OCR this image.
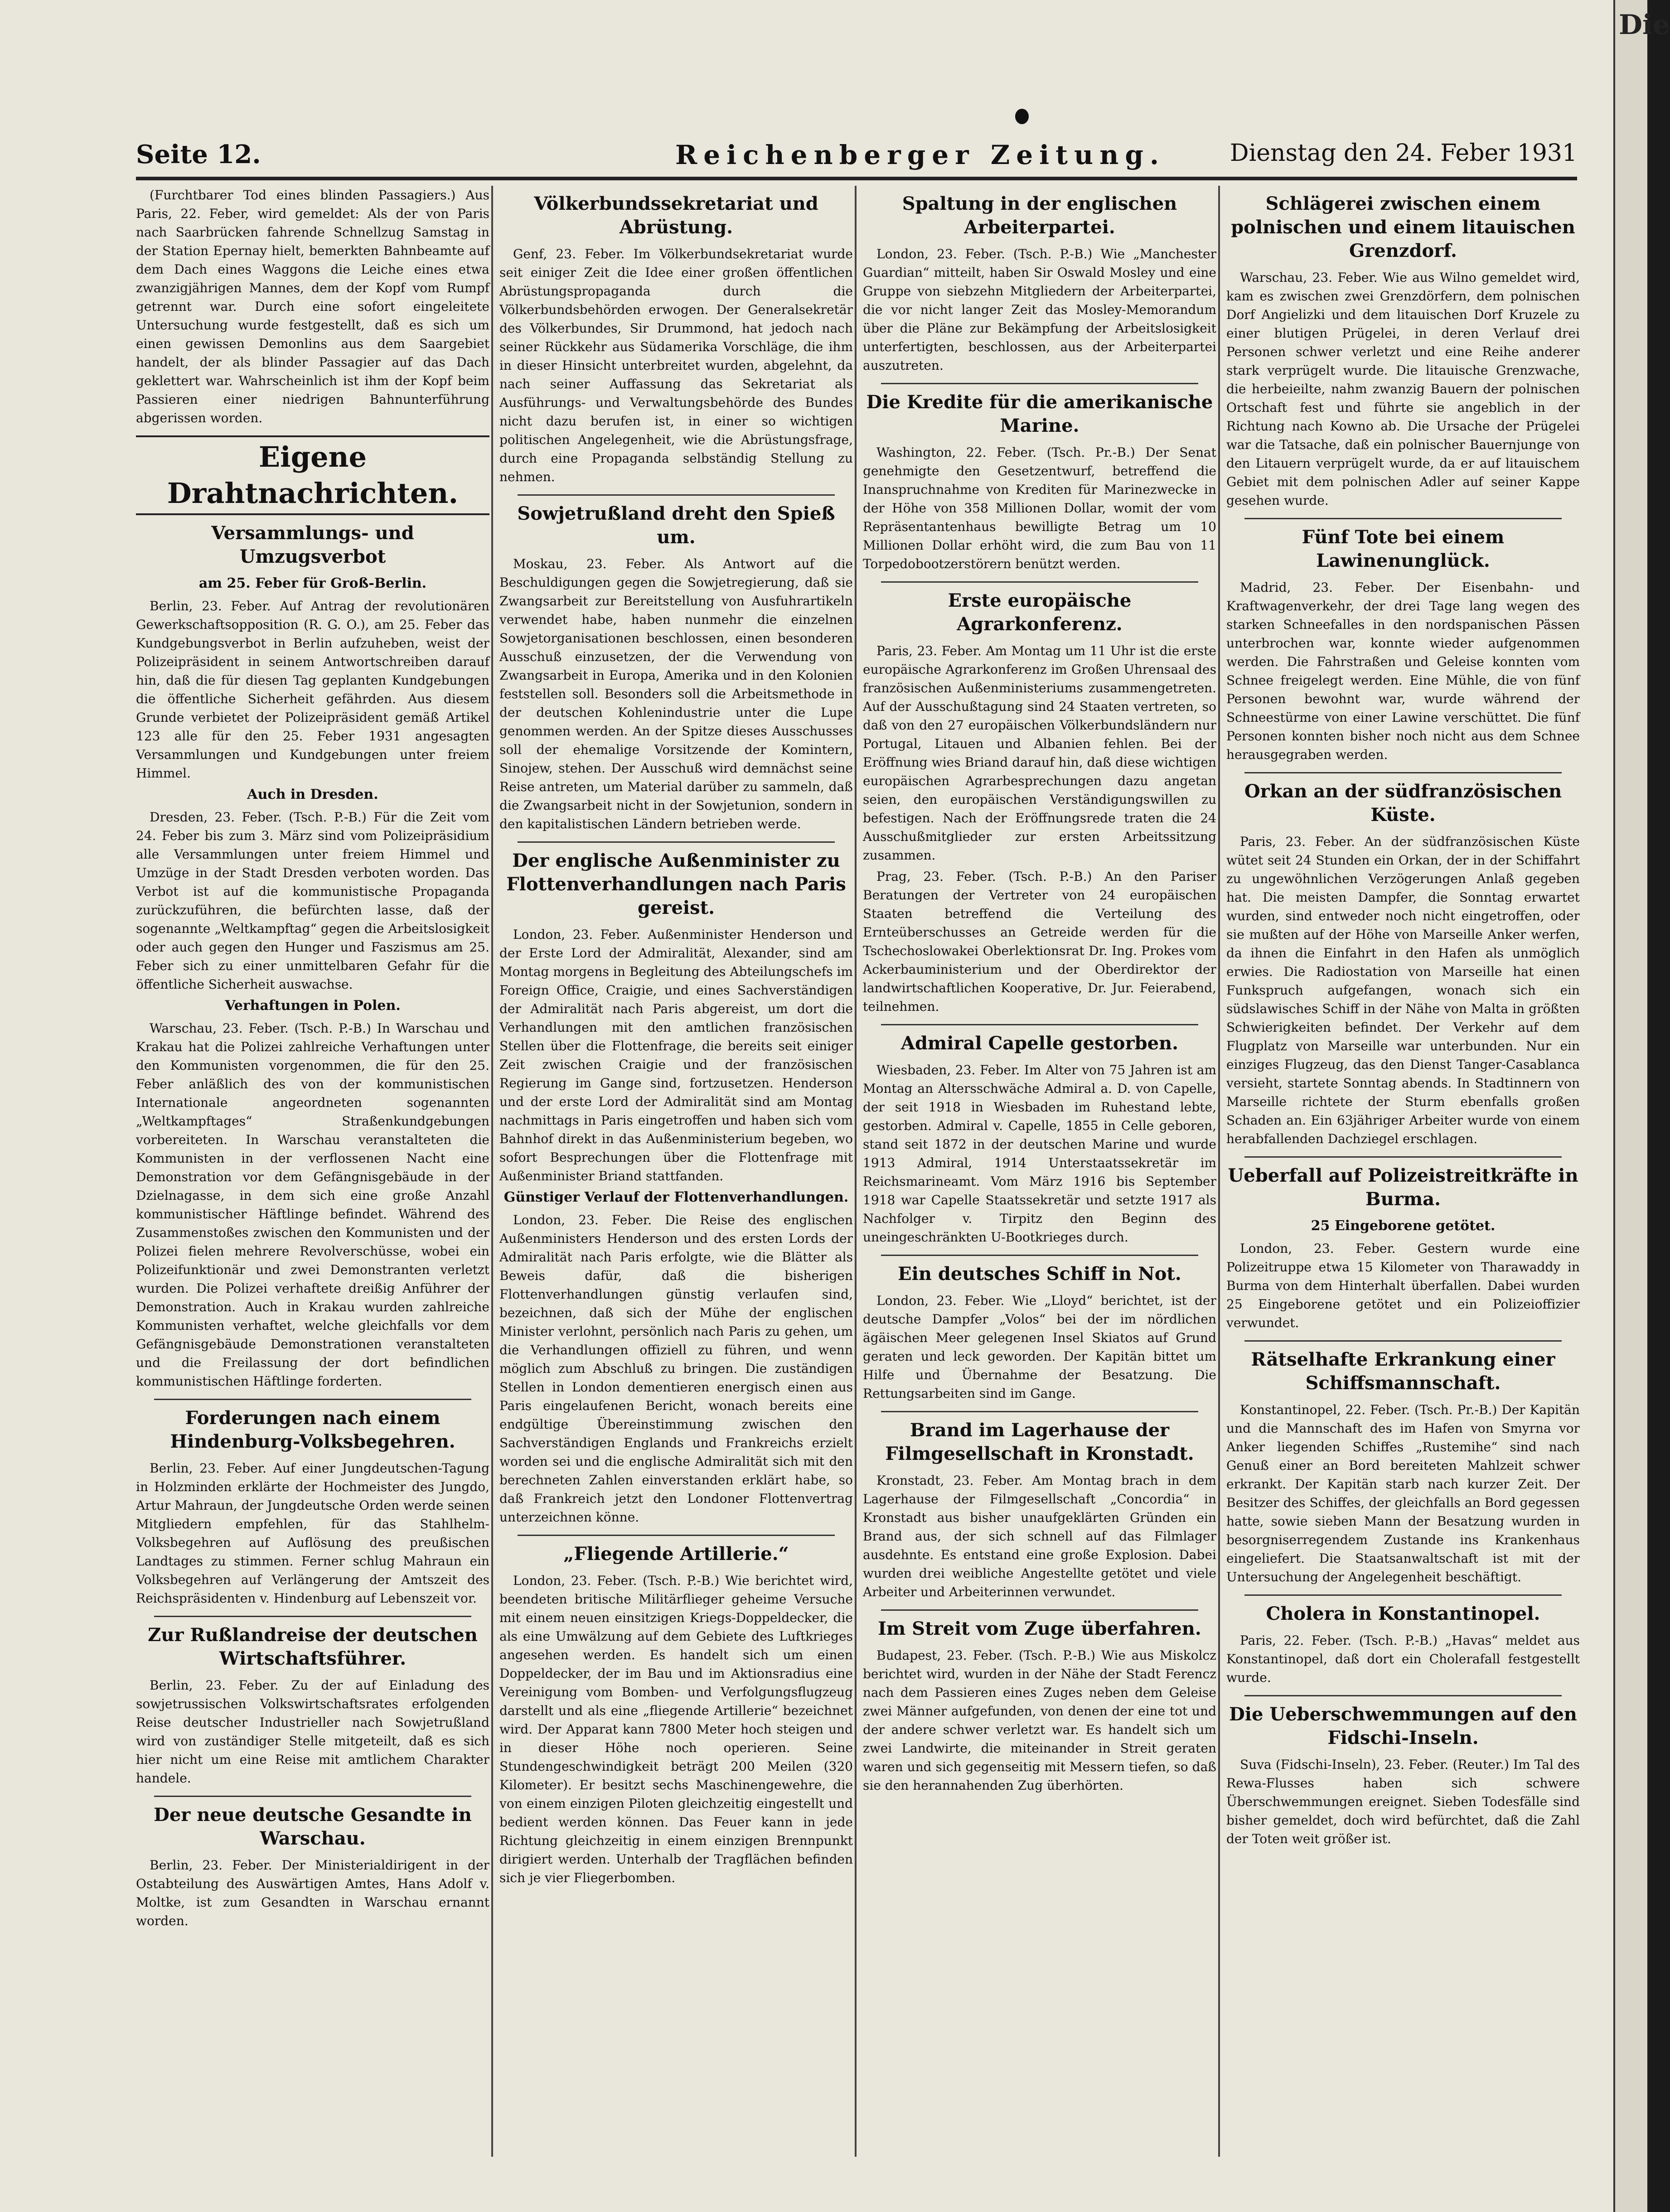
Seite 12.	Reichenberger Zeitung.	Dienstag den 24. Feber 1931

(Furchtbarer Tod eines blinden Passagiers.) Aus Paris, 22. Feber, wird gemeldet: Als der von Paris nach Saarbrücken fahrende Schnellzug Samstag in der Station Epernay hielt, bemerkten Bahnbeamte auf dem Dach eines Waggons die Leiche eines etwa zwanzigjährigen Mannes, dem der Kopf vom Rumpf getrennt war. Durch eine sofort eingeleitete Untersuchung wurde festgestellt, daß es sich um einen gewissen Demonlins aus dem Saargebiet handelt, der als blinder Passagier auf das Dach geklettert war. Wahrscheinlich ist ihm der Kopf beim Passieren einer niedrigen Bahnunterführung abgerissen worden.

Eigene Drahtnachrichten.
Versammlungs- und Umzugsverbot
am 25. Feber für Groß-Berlin.

Berlin, 23. Feber. Auf Antrag der revolutionären Gewerkschaftsopposition (R. G. O.), am 25. Feber das Kundgebungsverbot in Berlin aufzuheben, weist der Polizeipräsident in seinem Antwortschreiben darauf hin, daß die für diesen Tag geplanten Kundgebungen die öffentliche Sicherheit gefährden. Aus diesem Grunde verbietet der Polizeipräsident gemäß Artikel 123 alle für den 25. Feber 1931 angesagten Versammlungen und Kundgebungen unter freiem Himmel.

Auch in Dresden.

Dresden, 23. Feber. (Tsch. P.-B.) Für die Zeit vom 24. Feber bis zum 3. März sind vom Polizeipräsidium alle Versammlungen unter freiem Himmel und Umzüge in der Stadt Dresden verboten worden. Das Verbot ist auf die kommunistische Propaganda zurückzuführen, die befürchten lasse, daß der sogenannte „Weltkampftag“ gegen die Arbeitslosigkeit oder auch gegen den Hunger und Faszismus am 25. Feber sich zu einer unmittelbaren Gefahr für die öffentliche Sicherheit auswachse.

Verhaftungen in Polen.

Warschau, 23. Feber. (Tsch. P.-B.) In Warschau und Krakau hat die Polizei zahlreiche Verhaftungen unter den Kommunisten vorgenommen, die für den 25. Feber anläßlich des von der kommunistischen Internationale angeordneten sogenannten „Weltkampftages“ Straßenkundgebungen vorbereiteten. In Warschau veranstalteten die Kommunisten in der verflossenen Nacht eine Demonstration vor dem Gefängnisgebäude in der Dzielnagasse, in dem sich eine große Anzahl kommunistischer Häftlinge befindet. Während des Zusammenstoßes zwischen den Kommunisten und der Polizei fielen mehrere Revolverschüsse, wobei ein Polizeifunktionär und zwei Demonstranten verletzt wurden. Die Polizei verhaftete dreißig Anführer der Demonstration. Auch in Krakau wurden zahlreiche Kommunisten verhaftet, welche gleichfalls vor dem Gefängnisgebäude Demonstrationen veranstalteten und die Freilassung der dort befindlichen kommunistischen Häftlinge forderten.

Forderungen nach einem Hindenburg-Volksbegehren.

Berlin, 23. Feber. Auf einer Jungdeutschen-Tagung in Holzminden erklärte der Hochmeister des Jungdo, Artur Mahraun, der Jungdeutsche Orden werde seinen Mitgliedern empfehlen, für das Stahlhelm-Volksbegehren auf Auflösung des preußischen Landtages zu stimmen. Ferner schlug Mahraun ein Volksbegehren auf Verlängerung der Amtszeit des Reichspräsidenten v. Hindenburg auf Lebenszeit vor.

Zur Rußlandreise der deutschen Wirtschaftsführer.

Berlin, 23. Feber. Zu der auf Einladung des sowjetrussischen Volkswirtschaftsrates erfolgenden Reise deutscher Industrieller nach Sowjetrußland wird von zuständiger Stelle mitgeteilt, daß es sich hier nicht um eine Reise mit amtlichem Charakter handele.

Der neue deutsche Gesandte in Warschau.

Berlin, 23. Feber. Der Ministerialdirigent in der Ostabteilung des Auswärtigen Amtes, Hans Adolf v. Moltke, ist zum Gesandten in Warschau ernannt worden.

Völkerbundssekretariat und Abrüstung.

Genf, 23. Feber. Im Völkerbundsekretariat wurde seit einiger Zeit die Idee einer großen öffentlichen Abrüstungspropaganda durch die Völkerbundsbehörden erwogen. Der Generalsekretär des Völkerbundes, Sir Drummond, hat jedoch nach seiner Rückkehr aus Südamerika Vorschläge, die ihm in dieser Hinsicht unterbreitet wurden, abgelehnt, da nach seiner Auffassung das Sekretariat als Ausführungs- und Verwaltungsbehörde des Bundes nicht dazu berufen ist, in einer so wichtigen politischen Angelegenheit, wie die Abrüstungsfrage, durch eine Propaganda selbständig Stellung zu nehmen.

Sowjetrußland dreht den Spieß um.

Moskau, 23. Feber. Als Antwort auf die Beschuldigungen gegen die Sowjetregierung, daß sie Zwangsarbeit zur Bereitstellung von Ausfuhrartikeln verwendet habe, haben nunmehr die einzelnen Sowjetorganisationen beschlossen, einen besonderen Ausschuß einzusetzen, der die Verwendung von Zwangsarbeit in Europa, Amerika und in den Kolonien feststellen soll. Besonders soll die Arbeitsmethode in der deutschen Kohlenindustrie unter die Lupe genommen werden. An der Spitze dieses Ausschusses soll der ehemalige Vorsitzende der Komintern, Sinojew, stehen. Der Ausschuß wird demnächst seine Reise antreten, um Material darüber zu sammeln, daß die Zwangsarbeit nicht in der Sowjetunion, sondern in den kapitalistischen Ländern betrieben werde.

Der englische Außenminister zu Flottenverhandlungen nach Paris gereist.

London, 23. Feber. Außenminister Henderson und der Erste Lord der Admiralität, Alexander, sind am Montag morgens in Begleitung des Abteilungschefs im Foreign Office, Craigie, und eines Sachverständigen der Admiralität nach Paris abgereist, um dort die Verhandlungen mit den amtlichen französischen Stellen über die Flottenfrage, die bereits seit einiger Zeit zwischen Craigie und der französischen Regierung im Gange sind, fortzusetzen. Henderson und der erste Lord der Admiralität sind am Montag nachmittags in Paris eingetroffen und haben sich vom Bahnhof direkt in das Außenministerium begeben, wo sofort Besprechungen über die Flottenfrage mit Außenminister Briand stattfanden.

Günstiger Verlauf der Flottenverhandlungen.

London, 23. Feber. Die Reise des englischen Außenministers Henderson und des ersten Lords der Admiralität nach Paris erfolgte, wie die Blätter als Beweis dafür, daß die bisherigen Flottenverhandlungen günstig verlaufen sind, bezeichnen, daß sich der Mühe der englischen Minister verlohnt, persönlich nach Paris zu gehen, um die Verhandlungen offiziell zu führen, und wenn möglich zum Abschluß zu bringen. Die zuständigen Stellen in London dementieren energisch einen aus Paris eingelaufenen Bericht, wonach bereits eine endgültige Übereinstimmung zwischen den Sachverständigen Englands und Frankreichs erzielt worden sei und die englische Admiralität sich mit den berechneten Zahlen einverstanden erklärt habe, so daß Frankreich jetzt den Londoner Flottenvertrag unterzeichnen könne.

„Fliegende Artillerie.“

London, 23. Feber. (Tsch. P.-B.) Wie berichtet wird, beendeten britische Militärflieger geheime Versuche mit einem neuen einsitzigen Kriegs-Doppeldecker, die als eine Umwälzung auf dem Gebiete des Luftkrieges angesehen werden. Es handelt sich um einen Doppeldecker, der im Bau und im Aktionsradius eine Vereinigung vom Bomben- und Verfolgungsflugzeug darstellt und als eine „fliegende Artillerie“ bezeichnet wird. Der Apparat kann 7800 Meter hoch steigen und in dieser Höhe noch operieren. Seine Stundengeschwindigkeit beträgt 200 Meilen (320 Kilometer). Er besitzt sechs Maschinengewehre, die von einem einzigen Piloten gleichzeitig eingestellt und bedient werden können. Das Feuer kann in jede Richtung gleichzeitig in einem einzigen Brennpunkt dirigiert werden. Unterhalb der Tragflächen befinden sich je vier Fliegerbomben.

Spaltung in der englischen Arbeiterpartei.

London, 23. Feber. (Tsch. P.-B.) Wie „Manchester Guardian“ mitteilt, haben Sir Oswald Mosley und eine Gruppe von siebzehn Mitgliedern der Arbeiterpartei, die vor nicht langer Zeit das Mosley-Memorandum über die Pläne zur Bekämpfung der Arbeitslosigkeit unterfertigten, beschlossen, aus der Arbeiterpartei auszutreten.

Die Kredite für die amerikanische Marine.

Washington, 22. Feber. (Tsch. Pr.-B.) Der Senat genehmigte den Gesetzentwurf, betreffend die Inanspruchnahme von Krediten für Marinezwecke in der Höhe von 358 Millionen Dollar, womit der vom Repräsentantenhaus bewilligte Betrag um 10 Millionen Dollar erhöht wird, die zum Bau von 11 Torpedobootzerstörern benützt werden.

Erste europäische Agrarkonferenz.

Paris, 23. Feber. Am Montag um 11 Uhr ist die erste europäische Agrarkonferenz im Großen Uhrensaal des französischen Außenministeriums zusammengetreten. Auf der Ausschußtagung sind 24 Staaten vertreten, so daß von den 27 europäischen Völkerbundsländern nur Portugal, Litauen und Albanien fehlen. Bei der Eröffnung wies Briand darauf hin, daß diese wichtigen europäischen Agrarbesprechungen dazu angetan seien, den europäischen Verständigungswillen zu befestigen. Nach der Eröffnungsrede traten die 24 Ausschußmitglieder zur ersten Arbeitssitzung zusammen.

Prag, 23. Feber. (Tsch. P.-B.) An den Pariser Beratungen der Vertreter von 24 europäischen Staaten betreffend die Verteilung des Ernteüberschusses an Getreide werden für die Tschechoslowakei Oberlektionsrat Dr. Ing. Prokes vom Ackerbauministerium und der Oberdirektor der landwirtschaftlichen Kooperative, Dr. Jur. Feierabend, teilnehmen.

Admiral Capelle gestorben.

Wiesbaden, 23. Feber. Im Alter von 75 Jahren ist am Montag an Altersschwäche Admiral a. D. von Capelle, der seit 1918 in Wiesbaden im Ruhestand lebte, gestorben. Admiral v. Capelle, 1855 in Celle geboren, stand seit 1872 in der deutschen Marine und wurde 1913 Admiral, 1914 Unterstaatssekretär im Reichsmarineamt. Vom März 1916 bis September 1918 war Capelle Staatssekretär und setzte 1917 als Nachfolger v. Tirpitz den Beginn des uneingeschränkten U-Bootkrieges durch.

Ein deutsches Schiff in Not.

London, 23. Feber. Wie „Lloyd“ berichtet, ist der deutsche Dampfer „Volos“ bei der im nördlichen ägäischen Meer gelegenen Insel Skiatos auf Grund geraten und leck geworden. Der Kapitän bittet um Hilfe und Übernahme der Besatzung. Die Rettungsarbeiten sind im Gange.

Brand im Lagerhause der Filmgesellschaft in Kronstadt.

Kronstadt, 23. Feber. Am Montag brach in dem Lagerhause der Filmgesellschaft „Concordia“ in Kronstadt aus bisher unaufgeklärten Gründen ein Brand aus, der sich schnell auf das Filmlager ausdehnte. Es entstand eine große Explosion. Dabei wurden drei weibliche Angestellte getötet und viele Arbeiter und Arbeiterinnen verwundet.

Im Streit vom Zuge überfahren.

Budapest, 23. Feber. (Tsch. P.-B.) Wie aus Miskolcz berichtet wird, wurden in der Nähe der Stadt Ferencz nach dem Passieren eines Zuges neben dem Geleise zwei Männer aufgefunden, von denen der eine tot und der andere schwer verletzt war. Es handelt sich um zwei Landwirte, die miteinander in Streit geraten waren und sich gegenseitig mit Messern tiefen, so daß sie den herannahenden Zug überhörten.

Schlägerei zwischen einem polnischen und einem litauischen Grenzdorf.

Warschau, 23. Feber. Wie aus Wilno gemeldet wird, kam es zwischen zwei Grenzdörfern, dem polnischen Dorf Angielizki und dem litauischen Dorf Kruzele zu einer blutigen Prügelei, in deren Verlauf drei Personen schwer verletzt und eine Reihe anderer stark verprügelt wurde. Die litauische Grenzwache, die herbeieilte, nahm zwanzig Bauern der polnischen Ortschaft fest und führte sie angeblich in der Richtung nach Kowno ab. Die Ursache der Prügelei war die Tatsache, daß ein polnischer Bauernjunge von den Litauern verprügelt wurde, da er auf litauischem Gebiet mit dem polnischen Adler auf seiner Kappe gesehen wurde.

Fünf Tote bei einem Lawinenunglück.

Madrid, 23. Feber. Der Eisenbahn- und Kraftwagenverkehr, der drei Tage lang wegen des starken Schneefalles in den nordspanischen Pässen unterbrochen war, konnte wieder aufgenommen werden. Die Fahrstraßen und Geleise konnten vom Schnee freigelegt werden. Eine Mühle, die von fünf Personen bewohnt war, wurde während der Schneestürme von einer Lawine verschüttet. Die fünf Personen konnten bisher noch nicht aus dem Schnee herausgegraben werden.

Orkan an der südfranzösischen Küste.

Paris, 23. Feber. An der südfranzösischen Küste wütet seit 24 Stunden ein Orkan, der in der Schiffahrt zu ungewöhnlichen Verzögerungen Anlaß gegeben hat. Die meisten Dampfer, die Sonntag erwartet wurden, sind entweder noch nicht eingetroffen, oder sie mußten auf der Höhe von Marseille Anker werfen, da ihnen die Einfahrt in den Hafen als unmöglich erwies. Die Radiostation von Marseille hat einen Funkspruch aufgefangen, wonach sich ein südslawisches Schiff in der Nähe von Malta in größten Schwierigkeiten befindet. Der Verkehr auf dem Flugplatz von Marseille war unterbunden. Nur ein einziges Flugzeug, das den Dienst Tanger-Casablanca versieht, startete Sonntag abends. In Stadtinnern von Marseille richtete der Sturm ebenfalls großen Schaden an. Ein 63jähriger Arbeiter wurde von einem herabfallenden Dachziegel erschlagen.

Ueberfall auf Polizeistreitkräfte in Burma.
25 Eingeborene getötet.

London, 23. Feber. Gestern wurde eine Polizeitruppe etwa 15 Kilometer von Tharawaddy in Burma von dem Hinterhalt überfallen. Dabei wurden 25 Eingeborene getötet und ein Polizeioffizier verwundet.

Rätselhafte Erkrankung einer Schiffsmannschaft.

Konstantinopel, 22. Feber. (Tsch. Pr.-B.) Der Kapitän und die Mannschaft des im Hafen von Smyrna vor Anker liegenden Schiffes „Rustemihe“ sind nach Genuß einer an Bord bereiteten Mahlzeit schwer erkrankt. Der Kapitän starb nach kurzer Zeit. Der Besitzer des Schiffes, der gleichfalls an Bord gegessen hatte, sowie sieben Mann der Besatzung wurden in besorgniserregendem Zustande ins Krankenhaus eingeliefert. Die Staatsanwaltschaft ist mit der Untersuchung der Angelegenheit beschäftigt.

Cholera in Konstantinopel.

Paris, 22. Feber. (Tsch. P.-B.) „Havas“ meldet aus Konstantinopel, daß dort ein Cholerafall festgestellt wurde.

Die Ueberschwemmungen auf den Fidschi-Inseln.

Suva (Fidschi-Inseln), 23. Feber. (Reuter.) Im Tal des Rewa-Flusses haben sich schwere Überschwemmungen ereignet. Sieben Todesfälle sind bisher gemeldet, doch wird befürchtet, daß die Zahl der Toten weit größer ist.

Die
